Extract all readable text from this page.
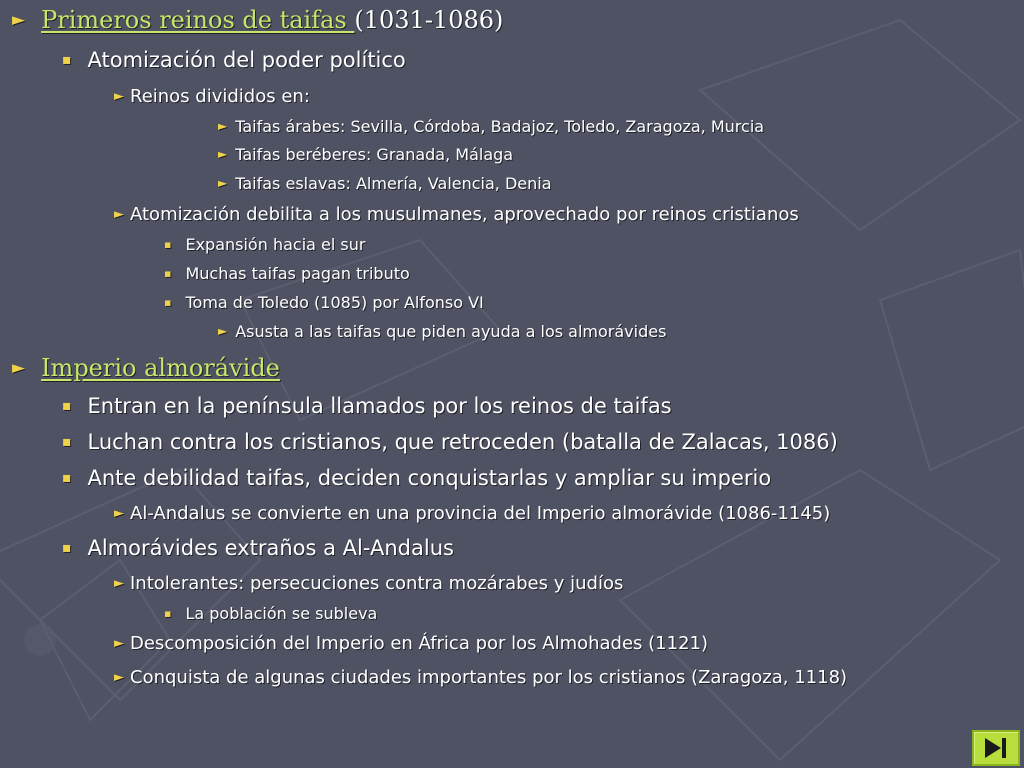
► Primeros reinos de taifas (1031-1086)
▪ Atomización del poder político
► Reinos divididos en:
► Taifas árabes: Sevilla, Córdoba, Badajoz, Toledo, Zaragoza, Murcia
► Taifas beréberes: Granada, Málaga
► Taifas eslavas: Almería, Valencia, Denia
► Atomización debilita a los musulmanes, aprovechado por reinos cristianos
▪ Expansión hacia el sur
▪ Muchas taifas pagan tributo
▪ Toma de Toledo (1085) por Alfonso VI
► Asusta a las taifas que piden ayuda a los almorávides
► Imperio almorávide
▪ Entran en la península llamados por los reinos de taifas
▪ Luchan contra los cristianos, que retroceden (batalla de Zalacas, 1086)
▪ Ante debilidad taifas, deciden conquistarlas y ampliar su imperio
► Al-Andalus se convierte en una provincia del Imperio almorávide (1086-1145)
▪ Almorávides extraños a Al-Andalus
► Intolerantes: persecuciones contra mozárabes y judíos
▪ La población se subleva
► Descomposición del Imperio en África por los Almohades (1121)
► Conquista de algunas ciudades importantes por los cristianos (Zaragoza, 1118)
